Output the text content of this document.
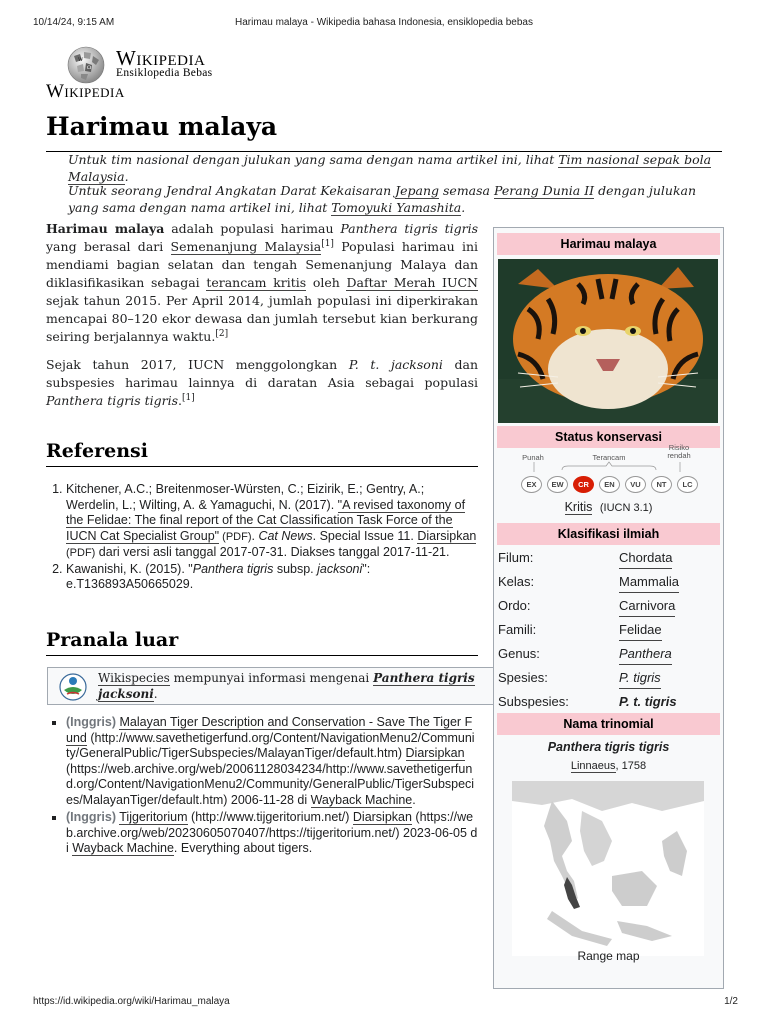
10/14/24, 9:15 AM	Harimau malaya - Wikipedia bahasa Indonesia, ensiklopedia bebas
W
Ω Wikipedia
Ensiklopedia Bebas
Wikipedia
Harimau malaya
Untuk tim nasional dengan julukan yang sama dengan nama artikel ini, lihat Tim nasional sepak bola Malaysia.
Untuk seorang Jendral Angkatan Darat Kekaisaran Jepang semasa Perang Dunia II dengan julukan yang sama dengan nama artikel ini, lihat Tomoyuki Yamashita.

Harimau malaya adalah populasi harimau Panthera tigris tigris yang berasal dari Semenanjung Malaysia[1] Populasi harimau ini mendiami bagian selatan dan tengah Semenanjung Malaya dan diklasifikasikan sebagai terancam kritis oleh Daftar Merah IUCN sejak tahun 2015. Per April 2014, jumlah populasi ini diperkirakan mencapai 80–120 ekor dewasa dan jumlah tersebut kian berkurang seiring berjalannya waktu.[2]

Sejak tahun 2017, IUCN menggolongkan P. t. jacksoni dan subspesies harimau lainnya di daratan Asia sebagai populasi Panthera tigris tigris.[1]

Referensi
1. Kitchener, A.C.; Breitenmoser-Würsten, C.; Eizirik, E.; Gentry, A.; Werdelin, L.; Wilting, A. & Yamaguchi, N. (2017). "A revised taxonomy of the Felidae: The final report of the Cat Classification Task Force of the IUCN Cat Specialist Group" (PDF). Cat News. Special Issue 11. Diarsipkan (PDF) dari versi asli tanggal 2017-07-31. Diakses tanggal 2017-11-21.
2. Kawanishi, K. (2015). "Panthera tigris subsp. jacksoni": e.T136893A50665029.
Pranala luar
Wikispecies mempunyai informasi mengenai Panthera tigris jacksoni.
▪ (Inggris) Malayan Tiger Description and Conservation - Save The Tiger Fund (http://www.savethetigerfund.org/Content/NavigationMenu2/Community/GeneralPublic/TigerSubspecies/MalayanTiger/default.htm) Diarsipkan (https://web.archive.org/web/20061128034234/http://www.savethetigerfund.org/Content/NavigationMenu2/Community/GeneralPublic/TigerSubspecies/MalayanTiger/default.htm) 2006-11-28 di Wayback Machine.
▪ (Inggris) Tijgeritorium (http://www.tijgeritorium.net/) Diarsipkan (https://web.archive.org/web/20230605070407/https://tijgeritorium.net/) 2023-06-05 di Wayback Machine. Everything about tigers.
Harimau malaya
Status konservasi
Punah	Terancam
Risiko rendah
EX	EW	CR	EN	VU	NT	LC
Kritis (IUCN 3.1)
Klasifikasi ilmiah
Filum:	Chordata
Kelas:	Mammalia
Ordo:	Carnivora
Famili:	Felidae
Genus:	Panthera
Spesies:	P. tigris
Subspesies:	P. t. tigris
Nama trinomial
Panthera tigris tigris
Linnaeus, 1758
Range map
https://id.wikipedia.org/wiki/Harimau_malaya	1/2
